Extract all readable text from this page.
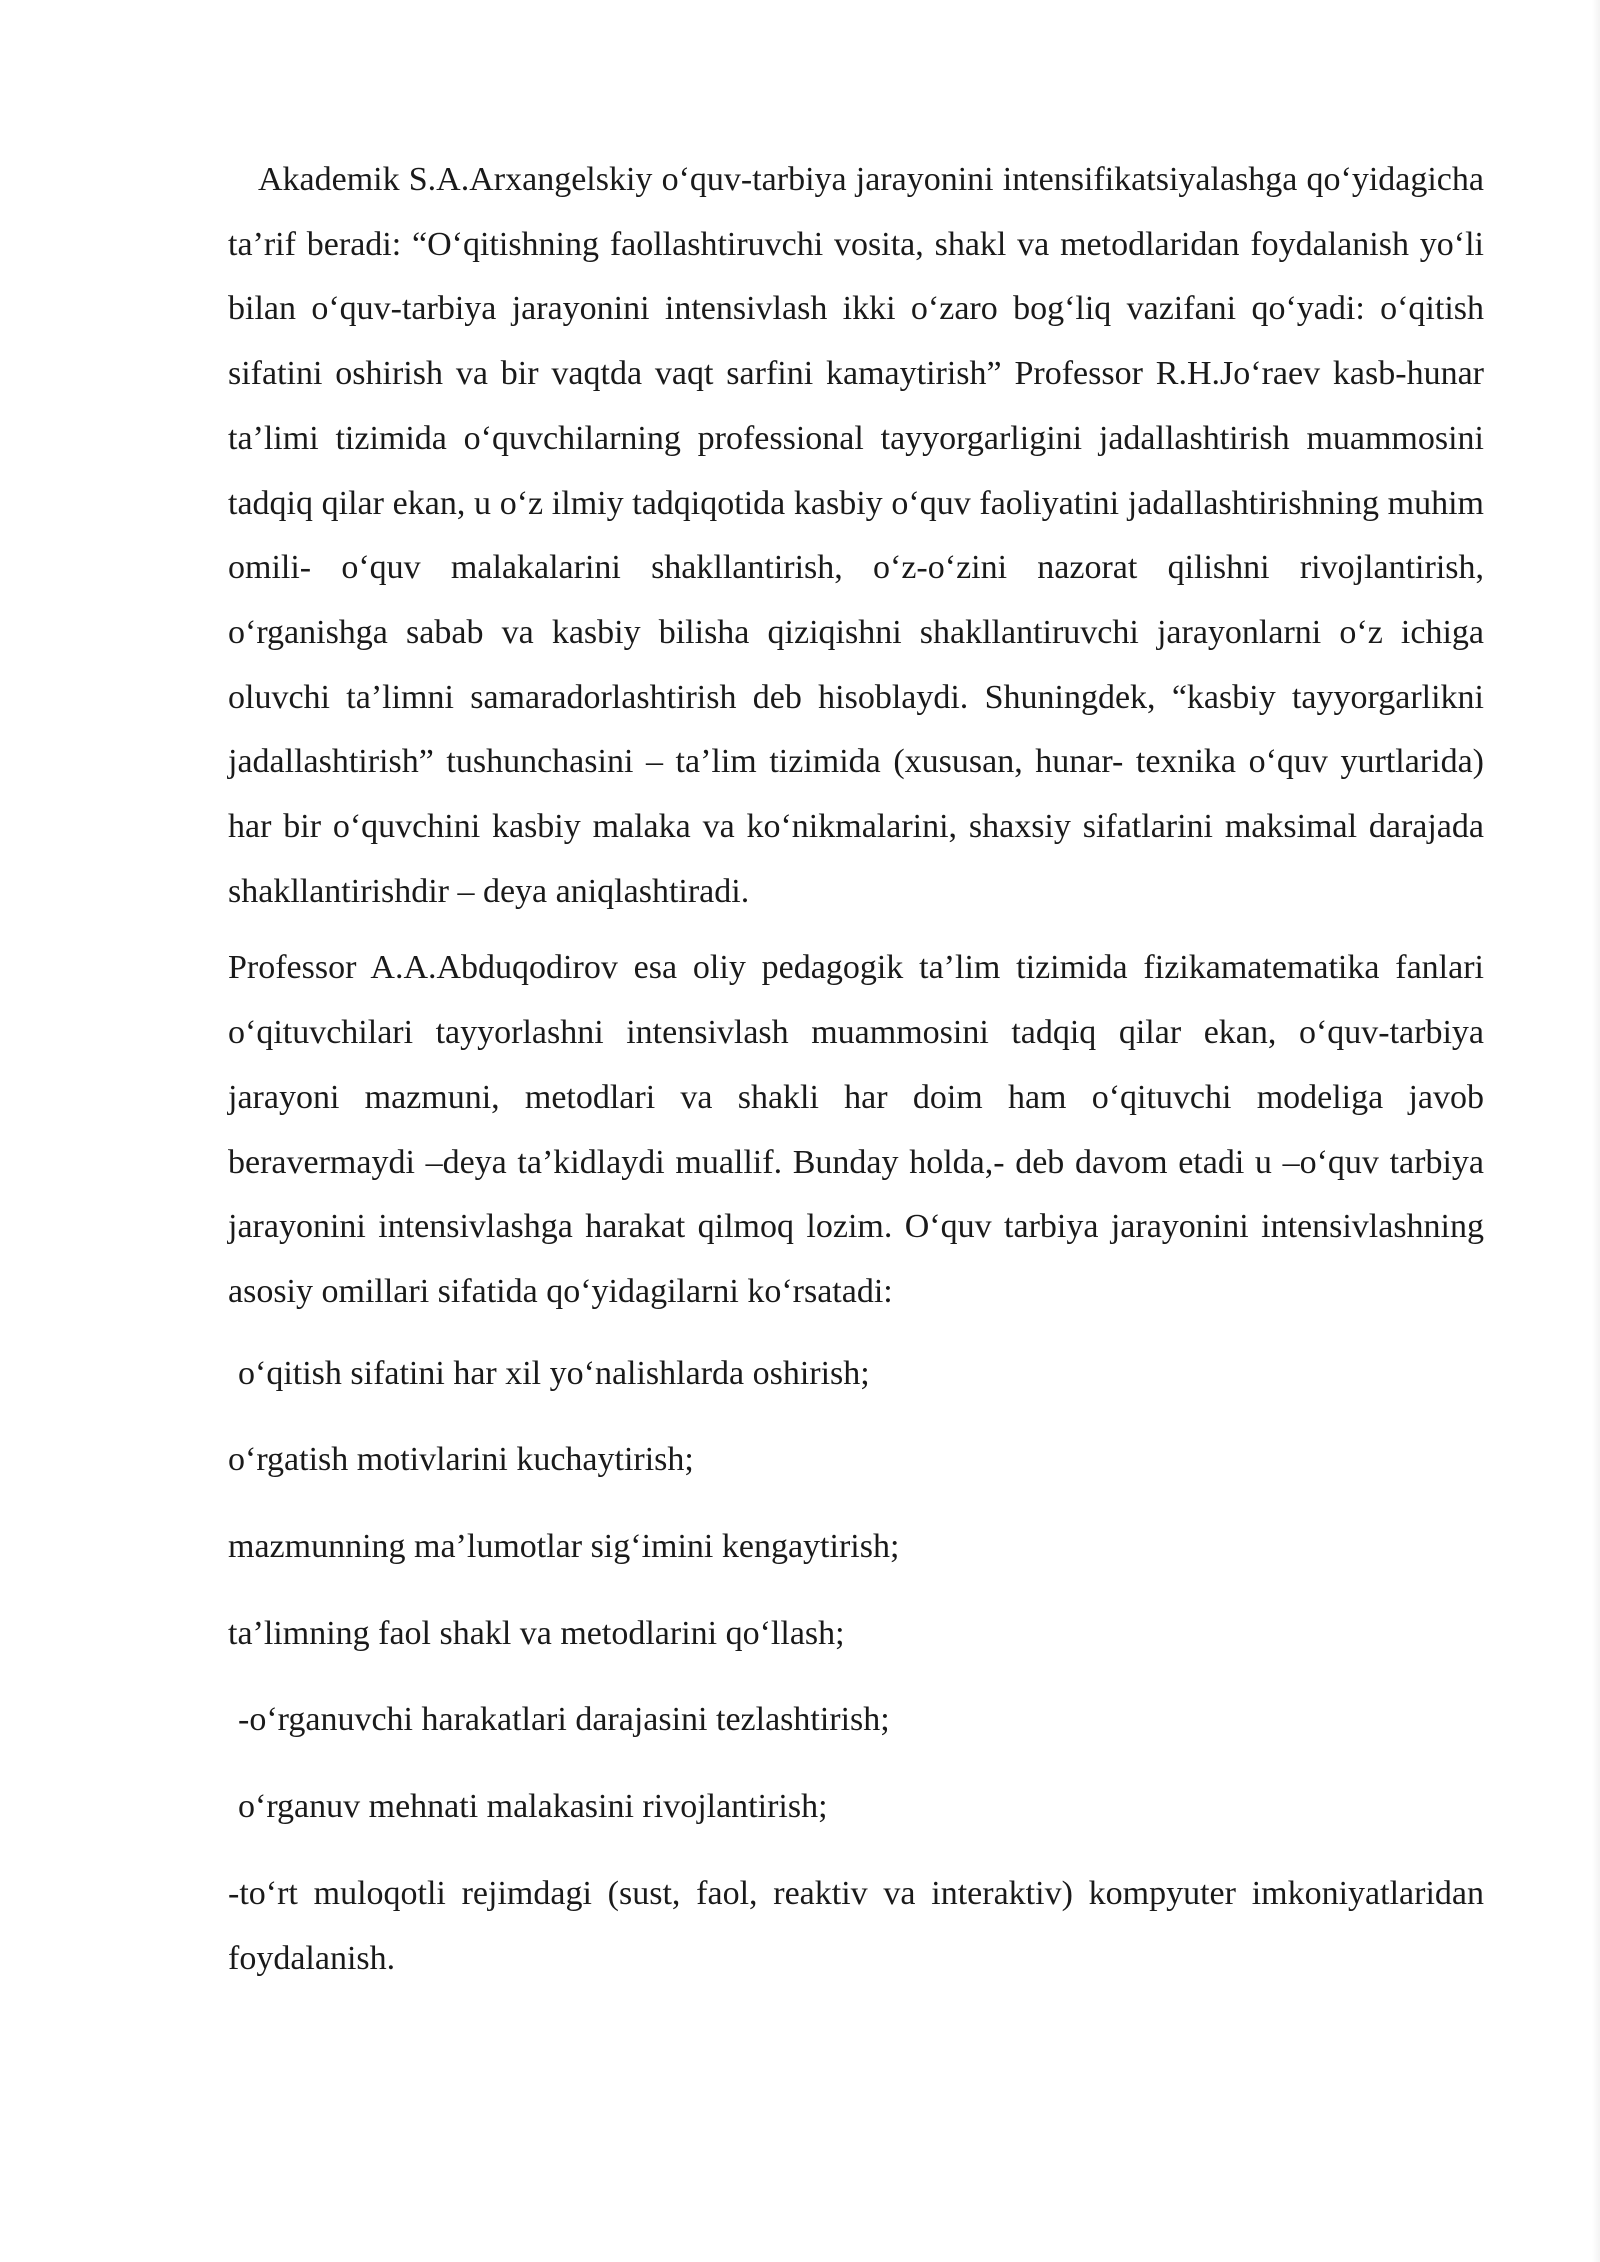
Akademik S.A.Arxangelskiy o‘quv-tarbiya jarayonini intensifikatsiyalashga qo‘yidagicha ta’rif beradi: “O‘qitishning faollashtiruvchi vosita, shakl va metodlaridan foydalanish yo‘li bilan o‘quv-tarbiya jarayonini intensivlash ikki o‘zaro bog‘liq vazifani qo‘yadi: o‘qitish sifatini oshirish va bir vaqtda vaqt sarfini kamaytirish” Professor R.H.Jo‘raev kasb-hunar ta’limi tizimida o‘quvchilarning professional tayyorgarligini jadallashtirish muammosini tadqiq qilar ekan, u o‘z ilmiy tadqiqotida kasbiy o‘quv faoliyatini jadallashtirishning muhim omili- o‘quv malakalarini shakllantirish, o‘z-o‘zini nazorat qilishni rivojlantirish, o‘rganishga sabab va kasbiy bilisha qiziqishni shakllantiruvchi jarayonlarni o‘z ichiga oluvchi ta’limni samaradorlashtirish deb hisoblaydi. Shuningdek, “kasbiy tayyorgarlikni jadallashtirish” tushunchasini – ta’lim tizimida (xususan, hunar- texnika o‘quv yurtlarida) har bir o‘quvchini kasbiy malaka va ko‘nikmalarini, shaxsiy sifatlarini maksimal darajada shakllantirishdir – deya aniqlashtiradi.

Professor A.A.Abduqodirov esa oliy pedagogik ta’lim tizimida fizikamatematika fanlari o‘qituvchilari tayyorlashni intensivlash muammosini tadqiq qilar ekan, o‘quv-tarbiya jarayoni mazmuni, metodlari va shakli har doim ham o‘qituvchi modeliga javob beravermaydi –deya ta’kidlaydi muallif. Bunday holda,- deb davom etadi u –o‘quv tarbiya jarayonini intensivlashga harakat qilmoq lozim. O‘quv tarbiya jarayonini intensivlashning asosiy omillari sifatida qo‘yidagilarni ko‘rsatadi:

o‘qitish sifatini har xil yo‘nalishlarda oshirish;
o‘rgatish motivlarini kuchaytirish;
mazmunning ma’lumotlar sig‘imini kengaytirish;
ta’limning faol shakl va metodlarini qo‘llash;
-o‘rganuvchi harakatlari darajasini tezlashtirish;
o‘rganuv mehnati malakasini rivojlantirish;
-to‘rt muloqotli rejimdagi (sust, faol, reaktiv va interaktiv) kompyuter imkoniyatlaridan foydalanish.
